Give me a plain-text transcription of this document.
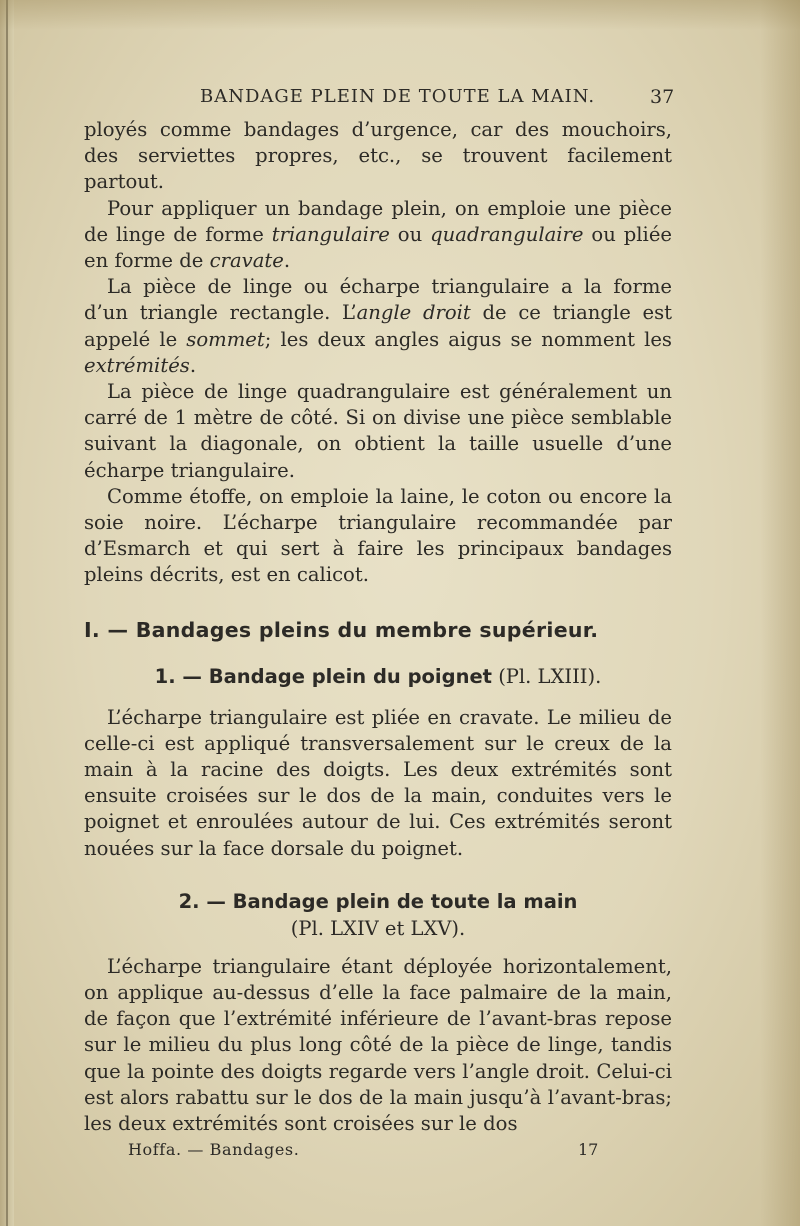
BANDAGE PLEIN DE TOUTE LA MAIN.	37

ployés comme bandages d’urgence, car des mouchoirs, des serviettes propres, etc., se trouvent facilement partout.

Pour appliquer un bandage plein, on emploie une pièce de linge de forme triangulaire ou quadrangulaire ou pliée en forme de cravate.

La pièce de linge ou écharpe triangulaire a la forme d’un triangle rectangle. L’angle droit de ce triangle est appelé le sommet; les deux angles aigus se nomment les extrémités.

La pièce de linge quadrangulaire est généralement un carré de 1 mètre de côté. Si on divise une pièce semblable suivant la diagonale, on obtient la taille usuelle d’une écharpe triangulaire.

Comme étoffe, on emploie la laine, le coton ou encore la soie noire. L’écharpe triangulaire recommandée par d’Esmarch et qui sert à faire les principaux bandages pleins décrits, est en calicot.

I. — Bandages pleins du membre supérieur.
1. — Bandage plein du poignet (Pl. LXIII).

L’écharpe triangulaire est pliée en cravate. Le milieu de celle-ci est appliqué transversalement sur le creux de la main à la racine des doigts. Les deux extrémités sont ensuite croisées sur le dos de la main, conduites vers le poignet et enroulées autour de lui. Ces extrémités seront nouées sur la face dorsale du poignet.

2. — Bandage plein de toute la main
(Pl. LXIV et LXV).

L’écharpe triangulaire étant déployée horizontalement, on applique au-dessus d’elle la face palmaire de la main, de façon que l’extrémité inférieure de l’avant-bras repose sur le milieu du plus long côté de la pièce de linge, tandis que la pointe des doigts regarde vers l’angle droit. Celui-ci est alors rabattu sur le dos de la main jusqu’à l’avant-bras; les deux extrémités sont croisées sur le dos

Hoffa. — Bandages.	17
